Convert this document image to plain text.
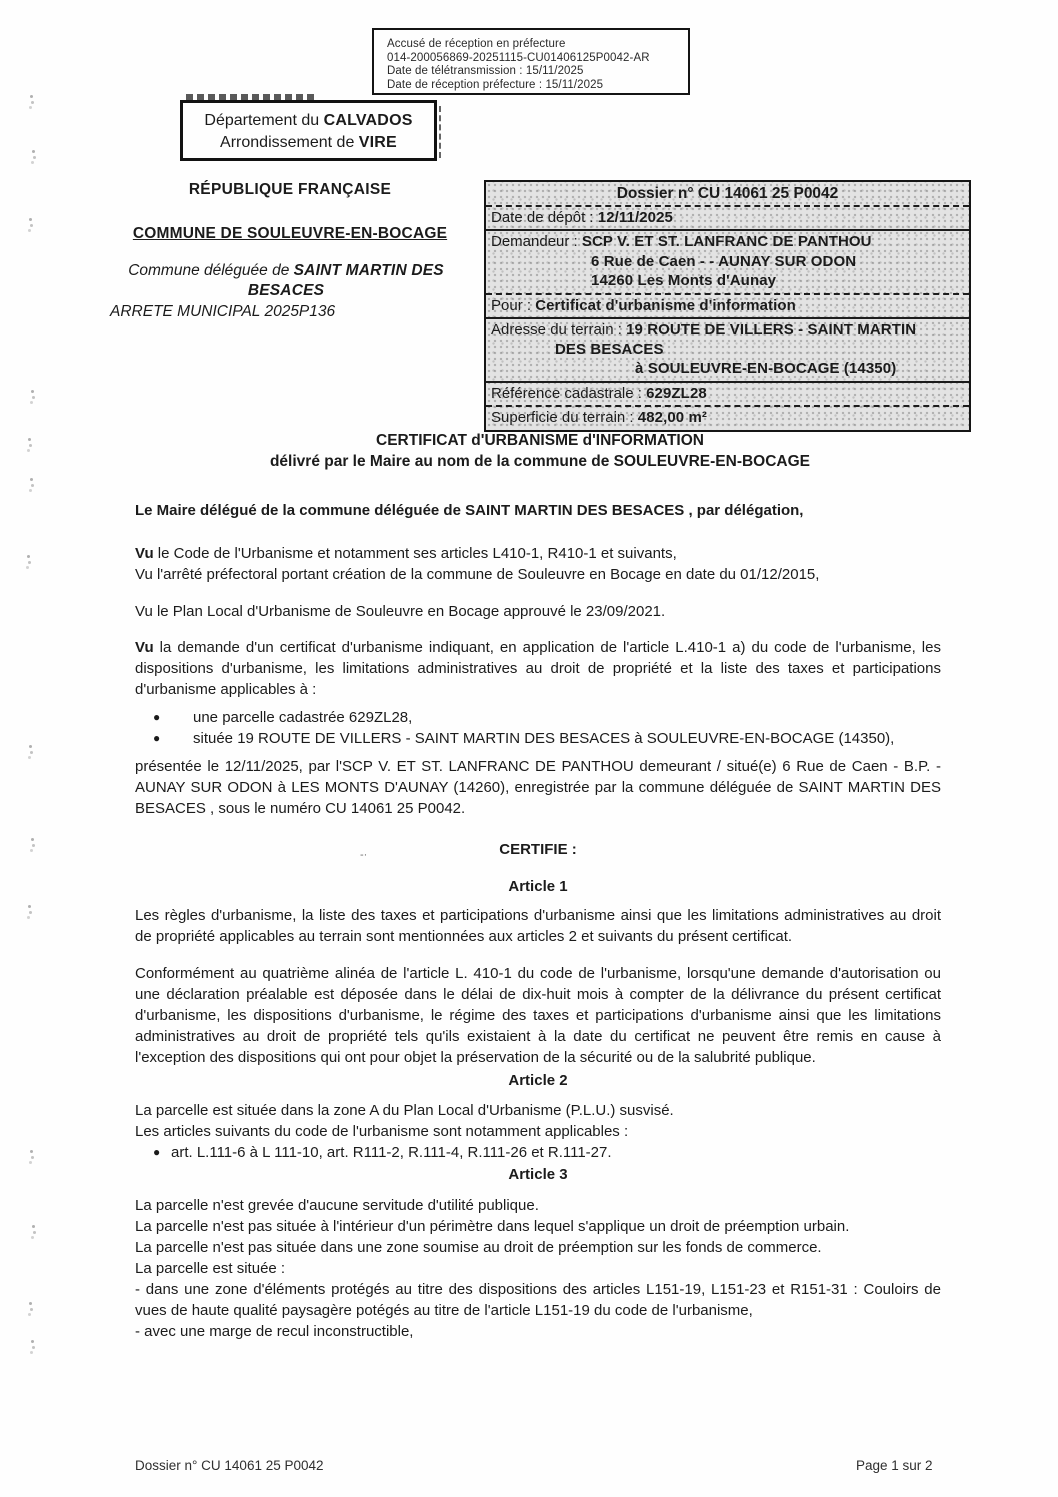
Accusé de réception en préfecture
014-200056869-20251115-CU01406125P0042-AR
Date de télétransmission : 15/11/2025
Date de réception préfecture : 15/11/2025
Département du CALVADOS
Arrondissement de VIRE
RÉPUBLIQUE FRANÇAISE
COMMUNE DE SOULEUVRE-EN-BOCAGE
Commune déléguée de SAINT MARTIN DES BESACES
ARRETE MUNICIPAL 2025P136
Dossier n° CU 14061 25 P0042
Date de dépôt : 12/11/2025
Demandeur : SCP V. ET ST. LANFRANC DE PANTHOU
6 Rue de Caen - - AUNAY SUR ODON
14260 Les Monts d'Aunay
Pour : Certificat d'urbanisme d'information
Adresse du terrain : 19 ROUTE DE VILLERS - SAINT MARTIN
DES BESACES
à SOULEUVRE-EN-BOCAGE (14350)
Référence cadastrale : 629ZL28
Superficie du terrain : 482,00 m²
CERTIFICAT d'URBANISME d'INFORMATION
délivré par le Maire au nom de la commune de SOULEUVRE-EN-BOCAGE
Le Maire délégué de la commune déléguée de SAINT MARTIN DES BESACES , par délégation,
Vu le Code de l'Urbanisme et notamment ses articles L410-1, R410-1 et suivants,
Vu l'arrêté préfectoral portant création de la commune de Souleuvre en Bocage en date du 01/12/2015,
Vu le Plan Local d'Urbanisme de Souleuvre en Bocage approuvé le 23/09/2021.
Vu la demande d'un certificat d'urbanisme indiquant, en application de l'article L.410-1 a) du code de l'urbanisme, les dispositions d'urbanisme, les limitations administratives au droit de propriété et la liste des taxes et participations d'urbanisme applicables à :
● une parcelle cadastrée 629ZL28,
● située 19 ROUTE DE VILLERS - SAINT MARTIN DES BESACES à SOULEUVRE-EN-BOCAGE (14350),
présentée le 12/11/2025, par l'SCP V. ET ST. LANFRANC DE PANTHOU demeurant / situé(e) 6 Rue de Caen - B.P. - AUNAY SUR ODON à LES MONTS D'AUNAY (14260), enregistrée par la commune déléguée de SAINT MARTIN DES BESACES , sous le numéro CU 14061 25 P0042.
-·	CERTIFIE :
Article 1
Les règles d'urbanisme, la liste des taxes et participations d'urbanisme ainsi que les limitations administratives au droit de propriété applicables au terrain sont mentionnées aux articles 2 et suivants du présent certificat.
Conformément au quatrième alinéa de l'article L. 410-1 du code de l'urbanisme, lorsqu'une demande d'autorisation ou une déclaration préalable est déposée dans le délai de dix-huit mois à compter de la délivrance du présent certificat d'urbanisme, les dispositions d'urbanisme, le régime des taxes et participations d'urbanisme ainsi que les limitations administratives au droit de propriété tels qu'ils existaient à la date du certificat ne peuvent être remis en cause à l'exception des dispositions qui ont pour objet la préservation de la sécurité ou de la salubrité publique.
Article 2
La parcelle est située dans la zone A du Plan Local d'Urbanisme (P.L.U.) susvisé.
Les articles suivants du code de l'urbanisme sont notamment applicables :
● art. L.111-6 à L 111-10, art. R111-2, R.111-4, R.111-26 et R.111-27.
Article 3
La parcelle n'est grevée d'aucune servitude d'utilité publique.
La parcelle n'est pas située à l'intérieur d'un périmètre dans lequel s'applique un droit de préemption urbain.
La parcelle n'est pas située dans une zone soumise au droit de préemption sur les fonds de commerce.
La parcelle est située :
- dans une zone d'éléments protégés au titre des dispositions des articles L151-19, L151-23 et R151-31 : Couloirs de vues de haute qualité paysagère potégés au titre de l'article L151-19 du code de l'urbanisme,
- avec une marge de recul inconstructible,
Dossier n° CU 14061 25 P0042	Page 1 sur 2
